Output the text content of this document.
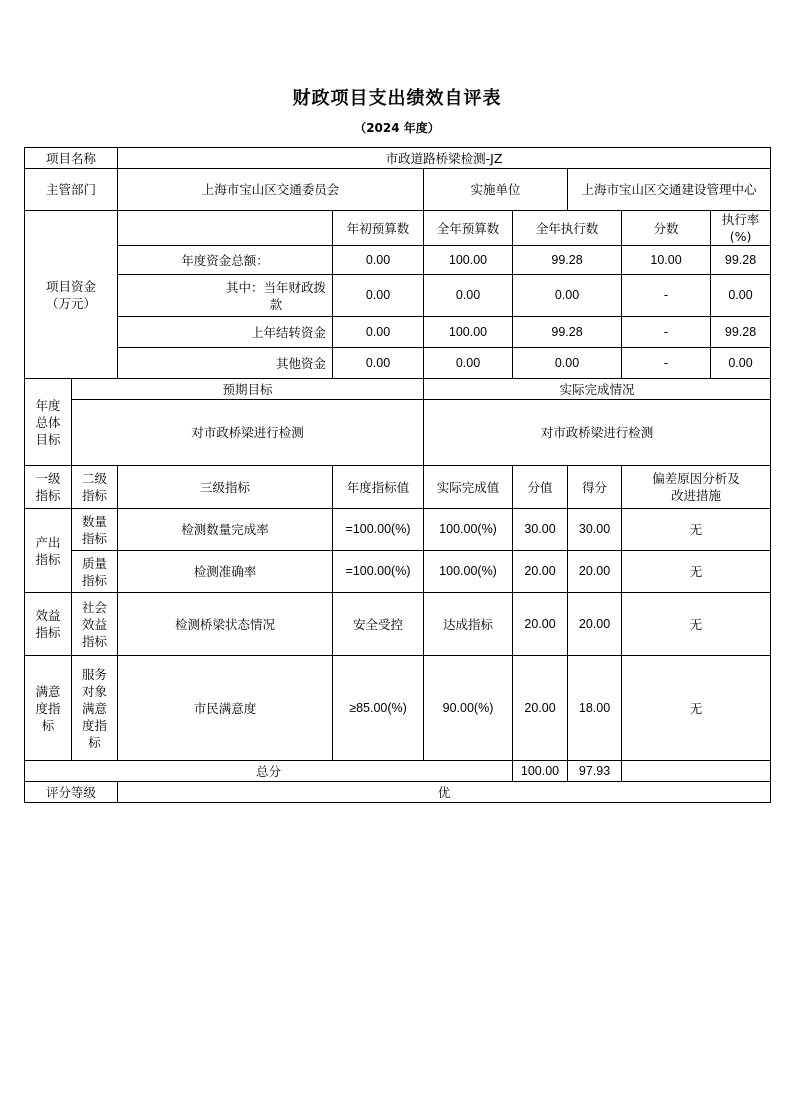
财政项目支出绩效自评表
（2024 年度）
项目名称		市政道路桥梁检测-JZ							
主管部门		上海市宝山区交通委员会		实施单位		上海市宝山区交通建设管理中心			

项目资金（万元）			年初预算数	全年预算数	全年执行数		分数	执行率(%)	
		年度资金总额：	0.00	100.00	99.28		10.00	99.28	

		其中：当年财政拨款	0.00	0.00	0.00		-	0.00	
		上年结转资金	0.00	100.00	99.28		-	99.28	
		其他资金	0.00	0.00	0.00		-	0.00	

年度总体目标	预期目标			实际完成情况					
	对市政桥梁进行检测			对市政桥梁进行检测					

一级指标	二级指标	三级指标	年度指标值	实际完成值	分值	得分	偏差原因分析及改进措施		

产出指标	数量指标	检测数量完成率	=100.00(%)	100.00(%)	30.00	30.00	无		

	质量指标	检测准确率	=100.00(%)	100.00(%)	20.00	20.00	无		

效益指标	社会效益指标	检测桥梁状态情况	安全受控	达成指标	20.00	20.00	无		

满意度指标	服务对象满意度指标	市民满意度	≥85.00(%)	90.00(%)	20.00	18.00	无		
总分					100.00	97.93			
评分等级		优							
